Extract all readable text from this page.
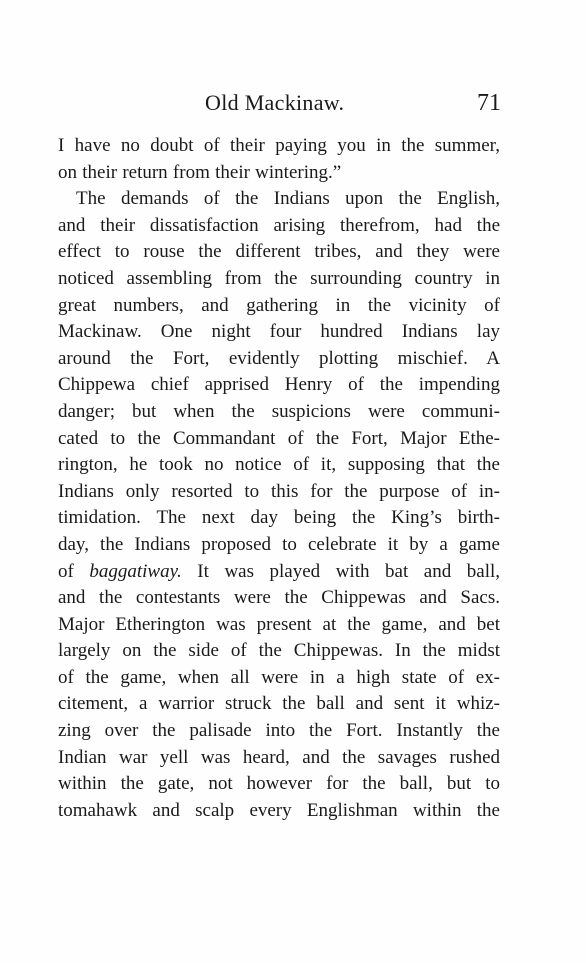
Old Mackinaw.	71
I have no doubt of their paying you in the summer,
on their return from their wintering.”
The demands of the Indians upon the English,
and their dissatisfaction arising therefrom, had the
effect to rouse the different tribes, and they were
noticed assembling from the surrounding country in
great numbers, and gathering in the vicinity of
Mackinaw. One night four hundred Indians lay
around the Fort, evidently plotting mischief. A
Chippewa chief apprised Henry of the impending
danger; but when the suspicions were communi-
cated to the Commandant of the Fort, Major Ethe-
rington, he took no notice of it, supposing that the
Indians only resorted to this for the purpose of in-
timidation. The next day being the King’s birth-
day, the Indians proposed to celebrate it by a game
of baggatiway. It was played with bat and ball,
and the contestants were the Chippewas and Sacs.
Major Etherington was present at the game, and bet
largely on the side of the Chippewas. In the midst
of the game, when all were in a high state of ex-
citement, a warrior struck the ball and sent it whiz-
zing over the palisade into the Fort. Instantly the
Indian war yell was heard, and the savages rushed
within the gate, not however for the ball, but to
tomahawk and scalp every Englishman within the
